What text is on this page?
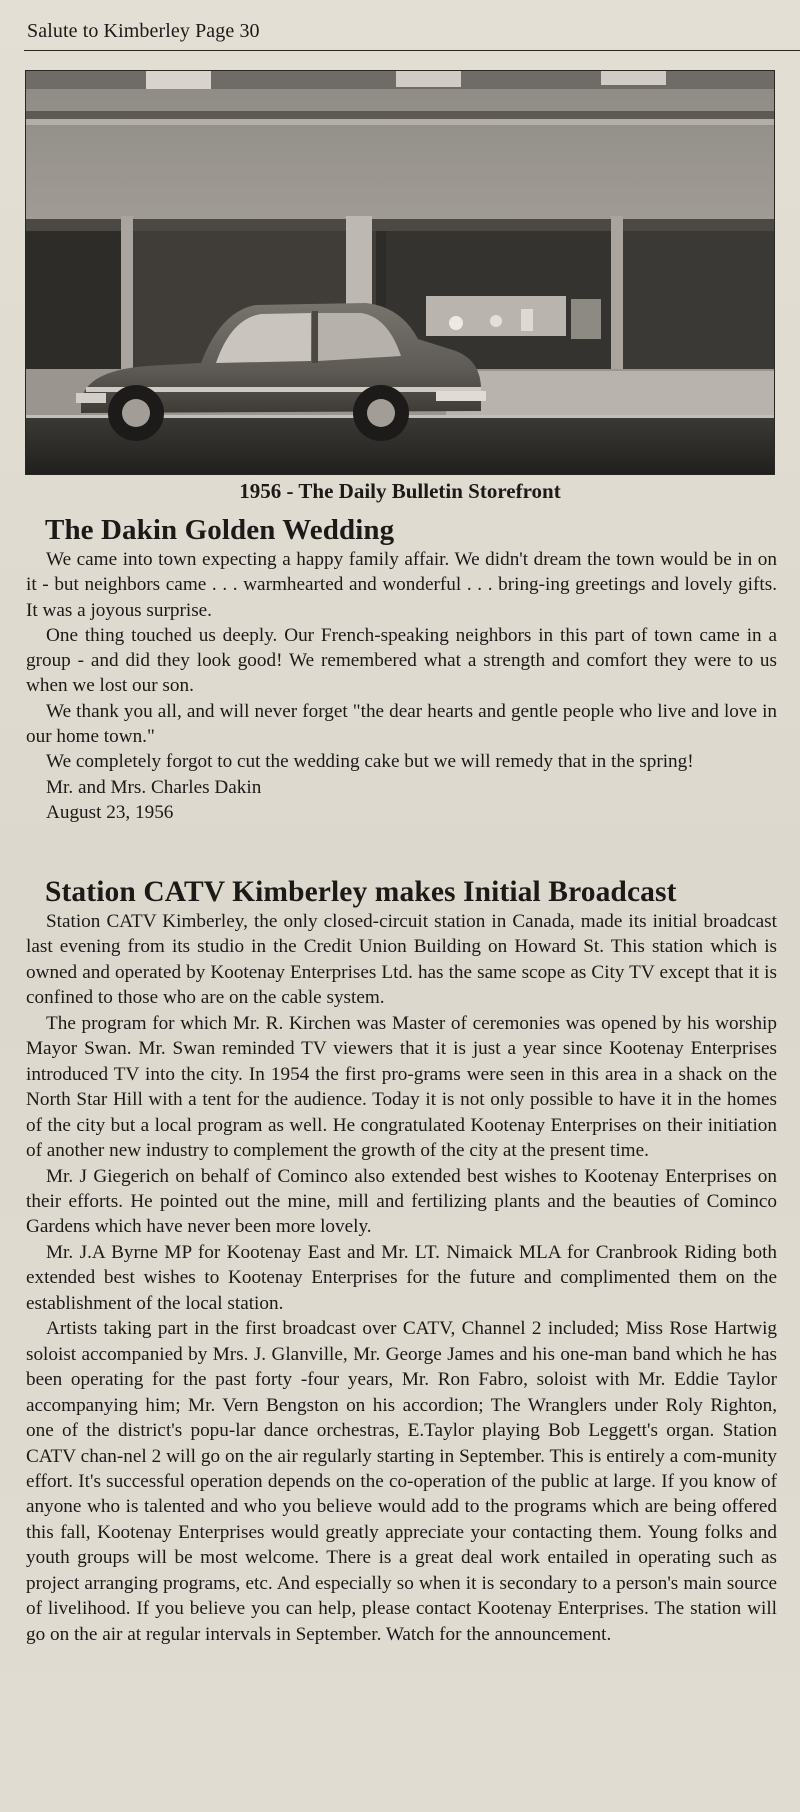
Salute to Kimberley Page 30
1956 - The Daily Bulletin Storefront
The Dakin Golden Wedding

We came into town expecting a happy family affair. We didn't dream the town would be in on it - but neighbors came . . . warmhearted and wonderful . . . bring-ing greetings and lovely gifts. It was a joyous surprise.

One thing touched us deeply. Our French-speaking neighbors in this part of town came in a group - and did they look good! We remembered what a strength and comfort they were to us when we lost our son.

We thank you all, and will never forget "the dear hearts and gentle people who live and love in our home town."

We completely forgot to cut the wedding cake but we will remedy that in the spring!

Mr. and Mrs. Charles Dakin

August 23, 1956

Station CATV Kimberley makes Initial Broadcast

Station CATV Kimberley, the only closed-circuit station in Canada, made its initial broadcast last evening from its studio in the Credit Union Building on Howard St. This station which is owned and operated by Kootenay Enterprises Ltd. has the same scope as City TV except that it is confined to those who are on the cable system.

The program for which Mr. R. Kirchen was Master of ceremonies was opened by his worship Mayor Swan. Mr. Swan reminded TV viewers that it is just a year since Kootenay Enterprises introduced TV into the city. In 1954 the first pro-grams were seen in this area in a shack on the North Star Hill with a tent for the audience. Today it is not only possible to have it in the homes of the city but a local program as well. He congratulated Kootenay Enterprises on their initiation of another new industry to complement the growth of the city at the present time.

Mr. J Giegerich on behalf of Cominco also extended best wishes to Kootenay Enterprises on their efforts. He pointed out the mine, mill and fertilizing plants and the beauties of Cominco Gardens which have never been more lovely.

Mr. J.A Byrne MP for Kootenay East and Mr. LT. Nimaick MLA for Cranbrook Riding both extended best wishes to Kootenay Enterprises for the future and complimented them on the establishment of the local station.

Artists taking part in the first broadcast over CATV, Channel 2 included; Miss Rose Hartwig soloist accompanied by Mrs. J. Glanville, Mr. George James and his one-man band which he has been operating for the past forty -four years, Mr. Ron Fabro, soloist with Mr. Eddie Taylor accompanying him; Mr. Vern Bengston on his accordion; The Wranglers under Roly Righton, one of the district's popu-lar dance orchestras, E.Taylor playing Bob Leggett's organ. Station CATV chan-nel 2 will go on the air regularly starting in September. This is entirely a com-munity effort. It's successful operation depends on the co-operation of the public at large. If you know of anyone who is talented and who you believe would add to the programs which are being offered this fall, Kootenay Enterprises would greatly appreciate your contacting them. Young folks and youth groups will be most welcome. There is a great deal work entailed in operating such as project arranging programs, etc. And especially so when it is secondary to a person's main source of livelihood. If you believe you can help, please contact Kootenay Enterprises. The station will go on the air at regular intervals in September. Watch for the announcement.
